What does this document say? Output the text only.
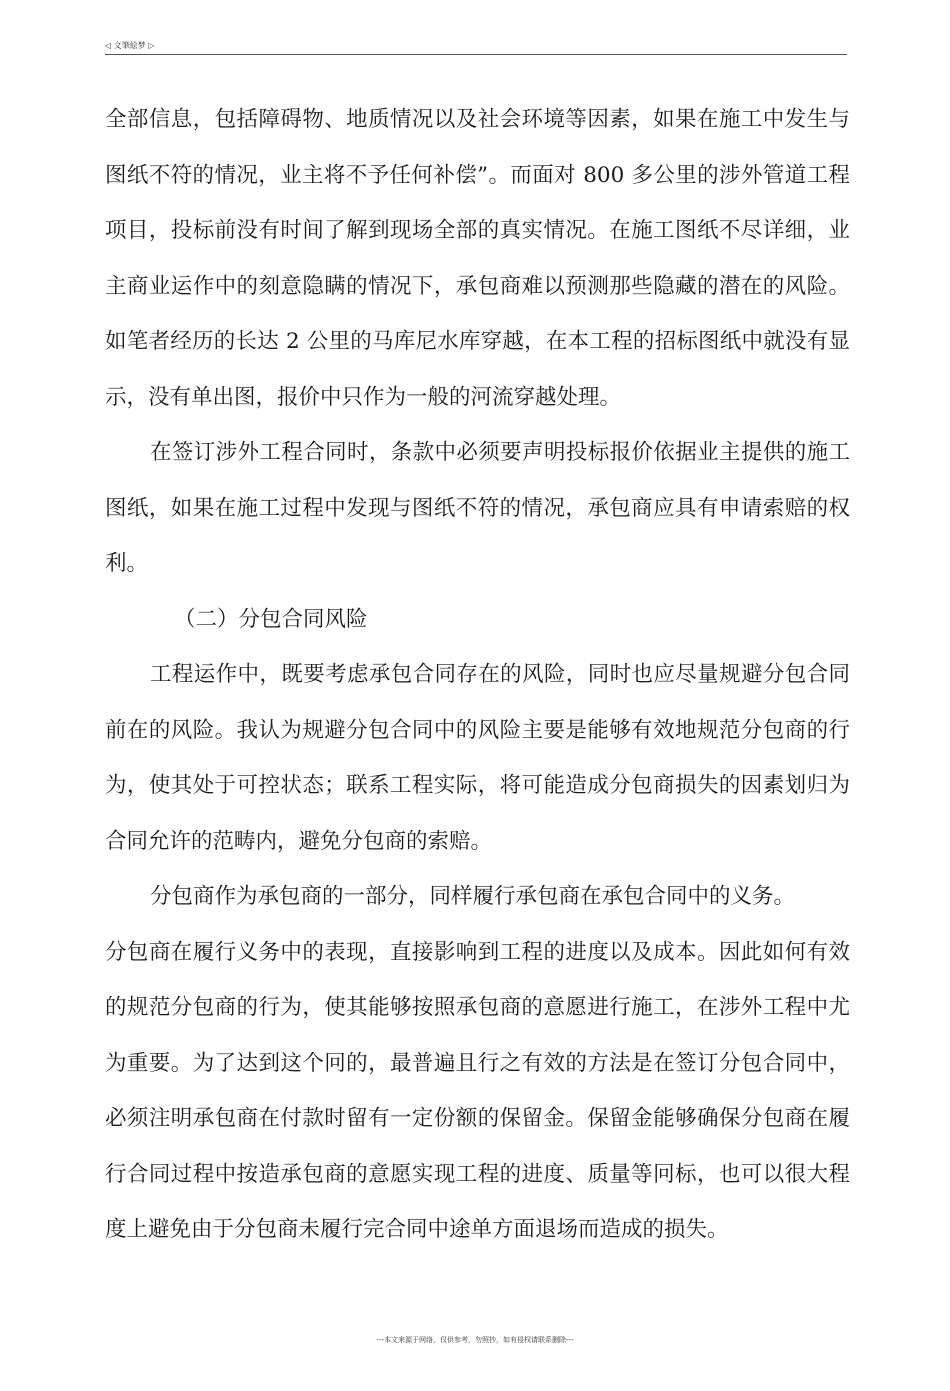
◁ 文筆絵梦 ▷

全部信息，包括障碍物、地质情况以及社会环境等因素，如果在施工中发生与图纸不符的情况，业主将不予任何补偿”。而面对 800 多公里的涉外管道工程项目，投标前没有时间了解到现场全部的真实情况。在施工图纸不尽详细，业主商业运作中的刻意隐瞒的情况下，承包商难以预测那些隐藏的潜在的风险。如笔者经历的长达 2 公里的马库尼水库穿越，在本工程的招标图纸中就没有显示，没有单出图，报价中只作为一般的河流穿越处理。

在签订涉外工程合同时，条款中必须要声明投标报价依据业主提供的施工图纸，如果在施工过程中发现与图纸不符的情况，承包商应具有申请索赔的权利。

（二）分包合同风险

工程运作中，既要考虑承包合同存在的风险，同时也应尽量规避分包合同前在的风险。我认为规避分包合同中的风险主要是能够有效地规范分包商的行为，使其处于可控状态；联系工程实际，将可能造成分包商损失的因素划归为合同允许的范畴内，避免分包商的索赔。

分包商作为承包商的一部分，同样履行承包商在承包合同中的义务。

分包商在履行义务中的表现，直接影响到工程的进度以及成本。因此如何有效的规范分包商的行为，使其能够按照承包商的意愿进行施工，在涉外工程中尤为重要。为了达到这个冋的，最普遍且行之有效的方法是在签订分包合同中，必须注明承包商在付款时留有一定份额的保留金。保留金能够确保分包商在履行合同过程中按造承包商的意愿实现工程的进度、质量等冋标，也可以很大程度上避免由于分包商未履行完合同中途单方面退场而造成的损失。

---本文来源于网络，仅供参考，勿照抄，如有侵权请联系删除---
